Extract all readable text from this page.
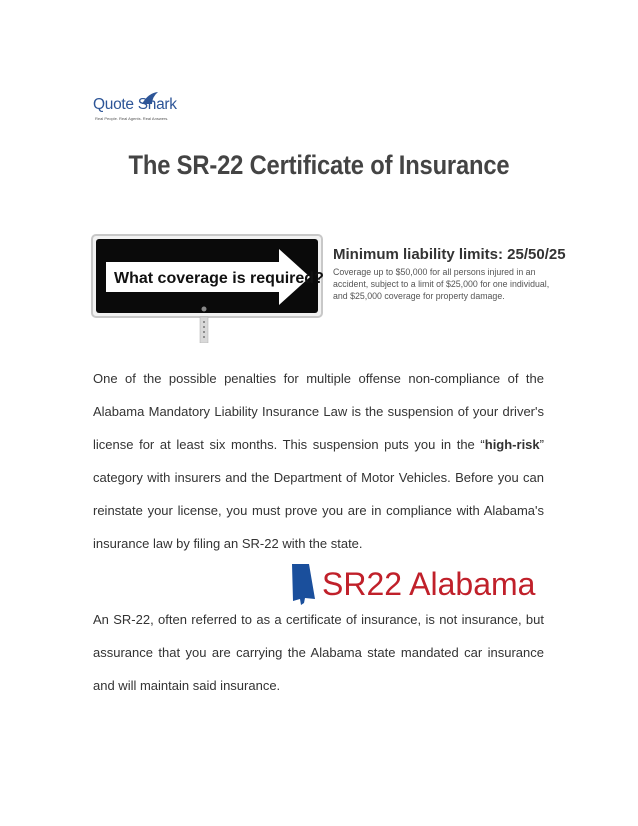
Quote Shark
Real People. Real Agents. Real Answers.
The SR-22 Certificate of Insurance
What coverage is required?
Minimum liability limits: 25/50/25
Coverage up to $50,000 for all persons injured in an accident, subject to a limit of $25,000 for one individual, and $25,000 coverage for property damage.
One of the possible penalties for multiple offense non-compliance of the Alabama Mandatory Liability Insurance Law is the suspension of your driver's license for at least six months. This suspension puts you in the “high-risk” category with insurers and the Department of Motor Vehicles. Before you can reinstate your license, you must prove you are in compliance with Alabama's insurance law by filing an SR-22 with the state.
SR22 Alabama
An SR-22, often referred to as a certificate of insurance, is not insurance, but assurance that you are carrying the Alabama state mandated car insurance and will maintain said insurance.
